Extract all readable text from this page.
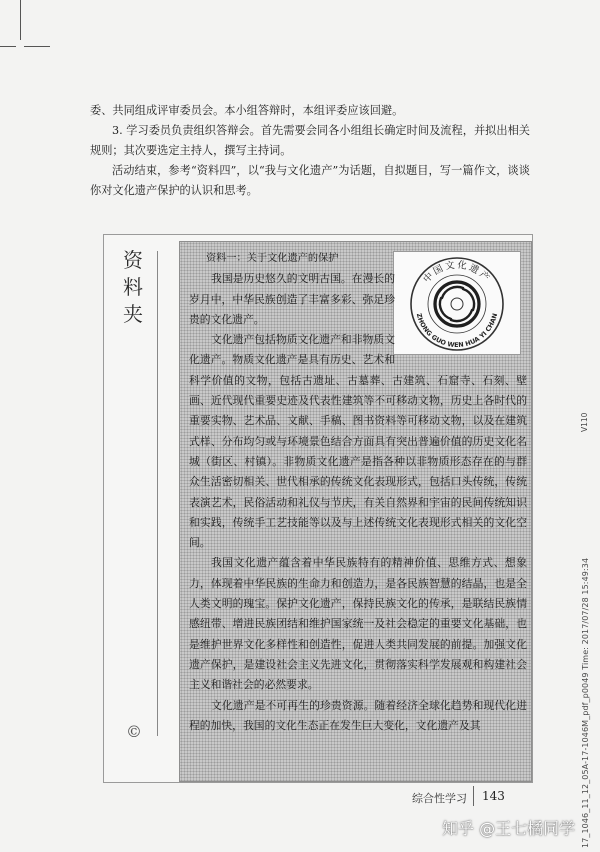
委、共同组成评审委员会。本小组答辩时，本组评委应该回避。

3. 学习委员负责组织答辩会。首先需要会同各小组组长确定时间及流程，并拟出相关规则；其次要选定主持人，撰写主持词。

活动结束，参考“资料四”，以“我与文化遗产”为话题，自拟题目，写一篇作文，谈谈你对文化遗产保护的认识和思考。

资
料
夹
©
中国文化遗产
ZHONG GUO WEN HUA YI CHAN

资料一：关于文化遗产的保护

我国是历史悠久的文明古国。在漫长的岁月中，中华民族创造了丰富多彩、弥足珍贵的文化遗产。

文化遗产包括物质文化遗产和非物质文化遗产。物质文化遗产是具有历史、艺术和科学价值的文物，包括古遗址、古墓葬、古建筑、石窟寺、石刻、壁画、近代现代重要史迹及代表性建筑等不可移动文物，历史上各时代的重要实物、艺术品、文献、手稿、图书资料等可移动文物，以及在建筑式样、分布均匀或与环境景色结合方面具有突出普遍价值的历史文化名城（街区、村镇）。非物质文化遗产是指各种以非物质形态存在的与群众生活密切相关、世代相承的传统文化表现形式，包括口头传统，传统表演艺术，民俗活动和礼仪与节庆，有关自然界和宇宙的民间传统知识和实践，传统手工艺技能等以及与上述传统文化表现形式相关的文化空间。

我国文化遗产蕴含着中华民族特有的精神价值、思维方式、想象力，体现着中华民族的生命力和创造力，是各民族智慧的结晶，也是全人类文明的瑰宝。保护文化遗产，保持民族文化的传承，是联结民族情感纽带、增进民族团结和维护国家统一及社会稳定的重要文化基础，也是维护世界文化多样性和创造性，促进人类共同发展的前提。加强文化遗产保护，是建设社会主义先进文化，贯彻落实科学发展观和构建社会主义和谐社会的必然要求。

文化遗产是不可再生的珍贵资源。随着经济全球化趋势和现代化进程的加快，我国的文化生态正在发生巨大变化，文化遗产及其

综合性学习 143
V110
17_1046_11_12_05A-17-1046M_pdf_p0049 Time: 2017/07/28 15:49:34
知乎 @王七橘同学
